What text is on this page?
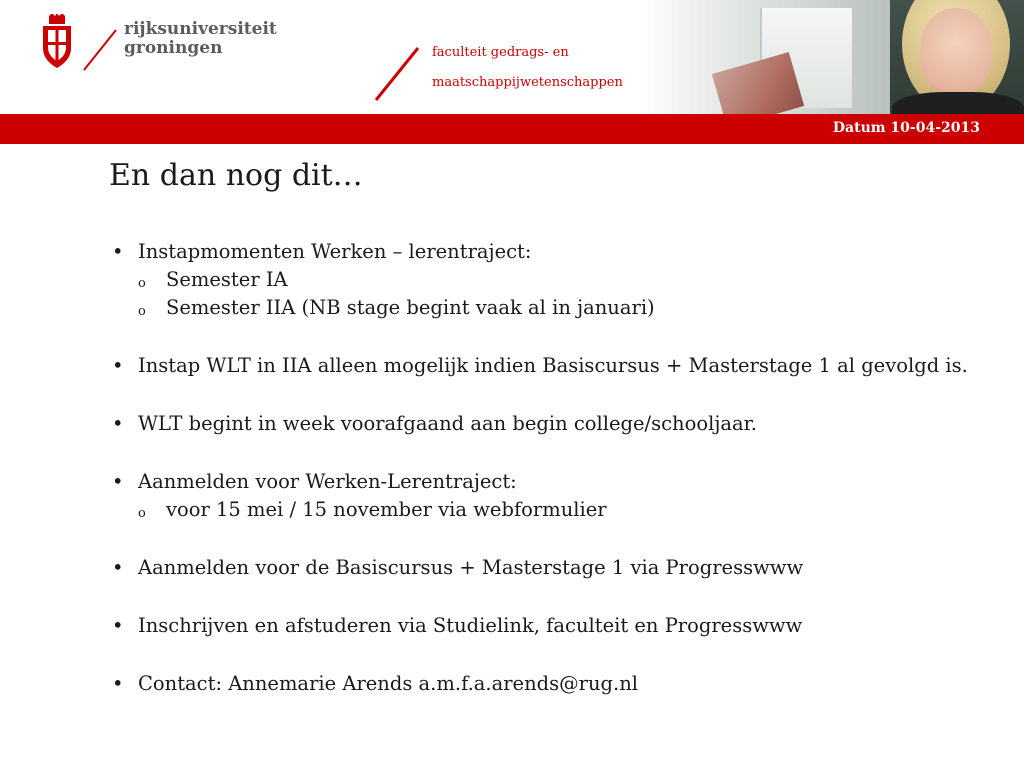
rijksuniversiteit
groningen	faculteit gedrags- en
maatschappijwetenschappen
Datum 10-04-2013
En dan nog dit…
• Instapmomenten Werken – lerentraject:
o Semester IA
o Semester IIA (NB stage begint vaak al in januari)
• Instap WLT in IIA alleen mogelijk indien Basiscursus + Masterstage 1 al gevolgd is.
• WLT begint in week voorafgaand aan begin college/schooljaar.
• Aanmelden voor Werken-Lerentraject:
o voor 15 mei / 15 november via webformulier
• Aanmelden voor de Basiscursus + Masterstage 1 via Progresswww
• Inschrijven en afstuderen via Studielink, faculteit en Progresswww
• Contact: Annemarie Arends a.m.f.a.arends@rug.nl
